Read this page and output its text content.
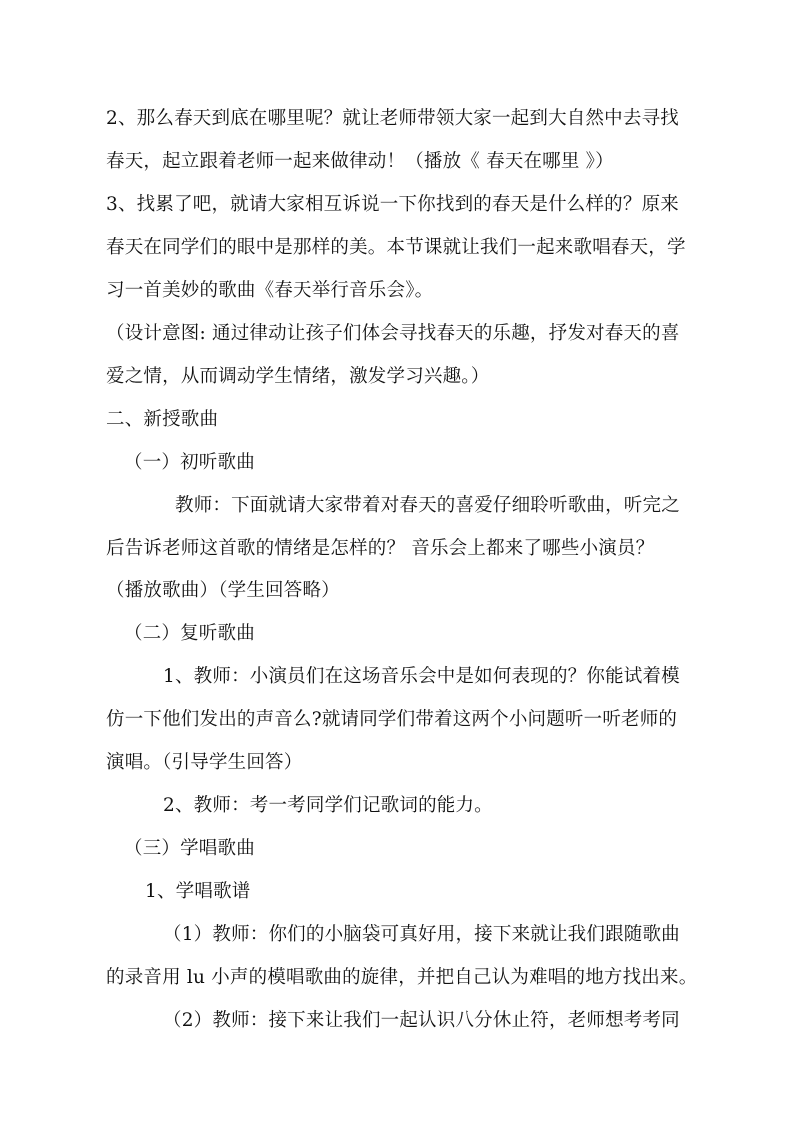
2、那么春天到底在哪里呢？就让老师带领大家一起到大自然中去寻找
春天，起立跟着老师一起来做律动！（播放《 春天在哪里 》）
3、找累了吧，就请大家相互诉说一下你找到的春天是什么样的？原来
春天在同学们的眼中是那样的美。本节课就让我们一起来歌唱春天，学
习一首美妙的歌曲《春天举行音乐会》。
（设计意图: 通过律动让孩子们体会寻找春天的乐趣，抒发对春天的喜
爱之情，从而调动学生情绪，激发学习兴趣。）
二、新授歌曲
（一）初听歌曲
教师：下面就请大家带着对春天的喜爱仔细聆听歌曲，听完之
后告诉老师这首歌的情绪是怎样的？ 音乐会上都来了哪些小演员？
（播放歌曲）（学生回答略）
（二）复听歌曲
1、教师：小演员们在这场音乐会中是如何表现的？你能试着模
仿一下他们发出的声音么?就请同学们带着这两个小问题听一听老师的
演唱。（引导学生回答）
2、教师：考一考同学们记歌词的能力。
（三）学唱歌曲
1、学唱歌谱
（1）教师：你们的小脑袋可真好用，接下来就让我们跟随歌曲
的录音用 lu 小声的模唱歌曲的旋律，并把自己认为难唱的地方找出来。
（2）教师：接下来让我们一起认识八分休止符，老师想考考同
